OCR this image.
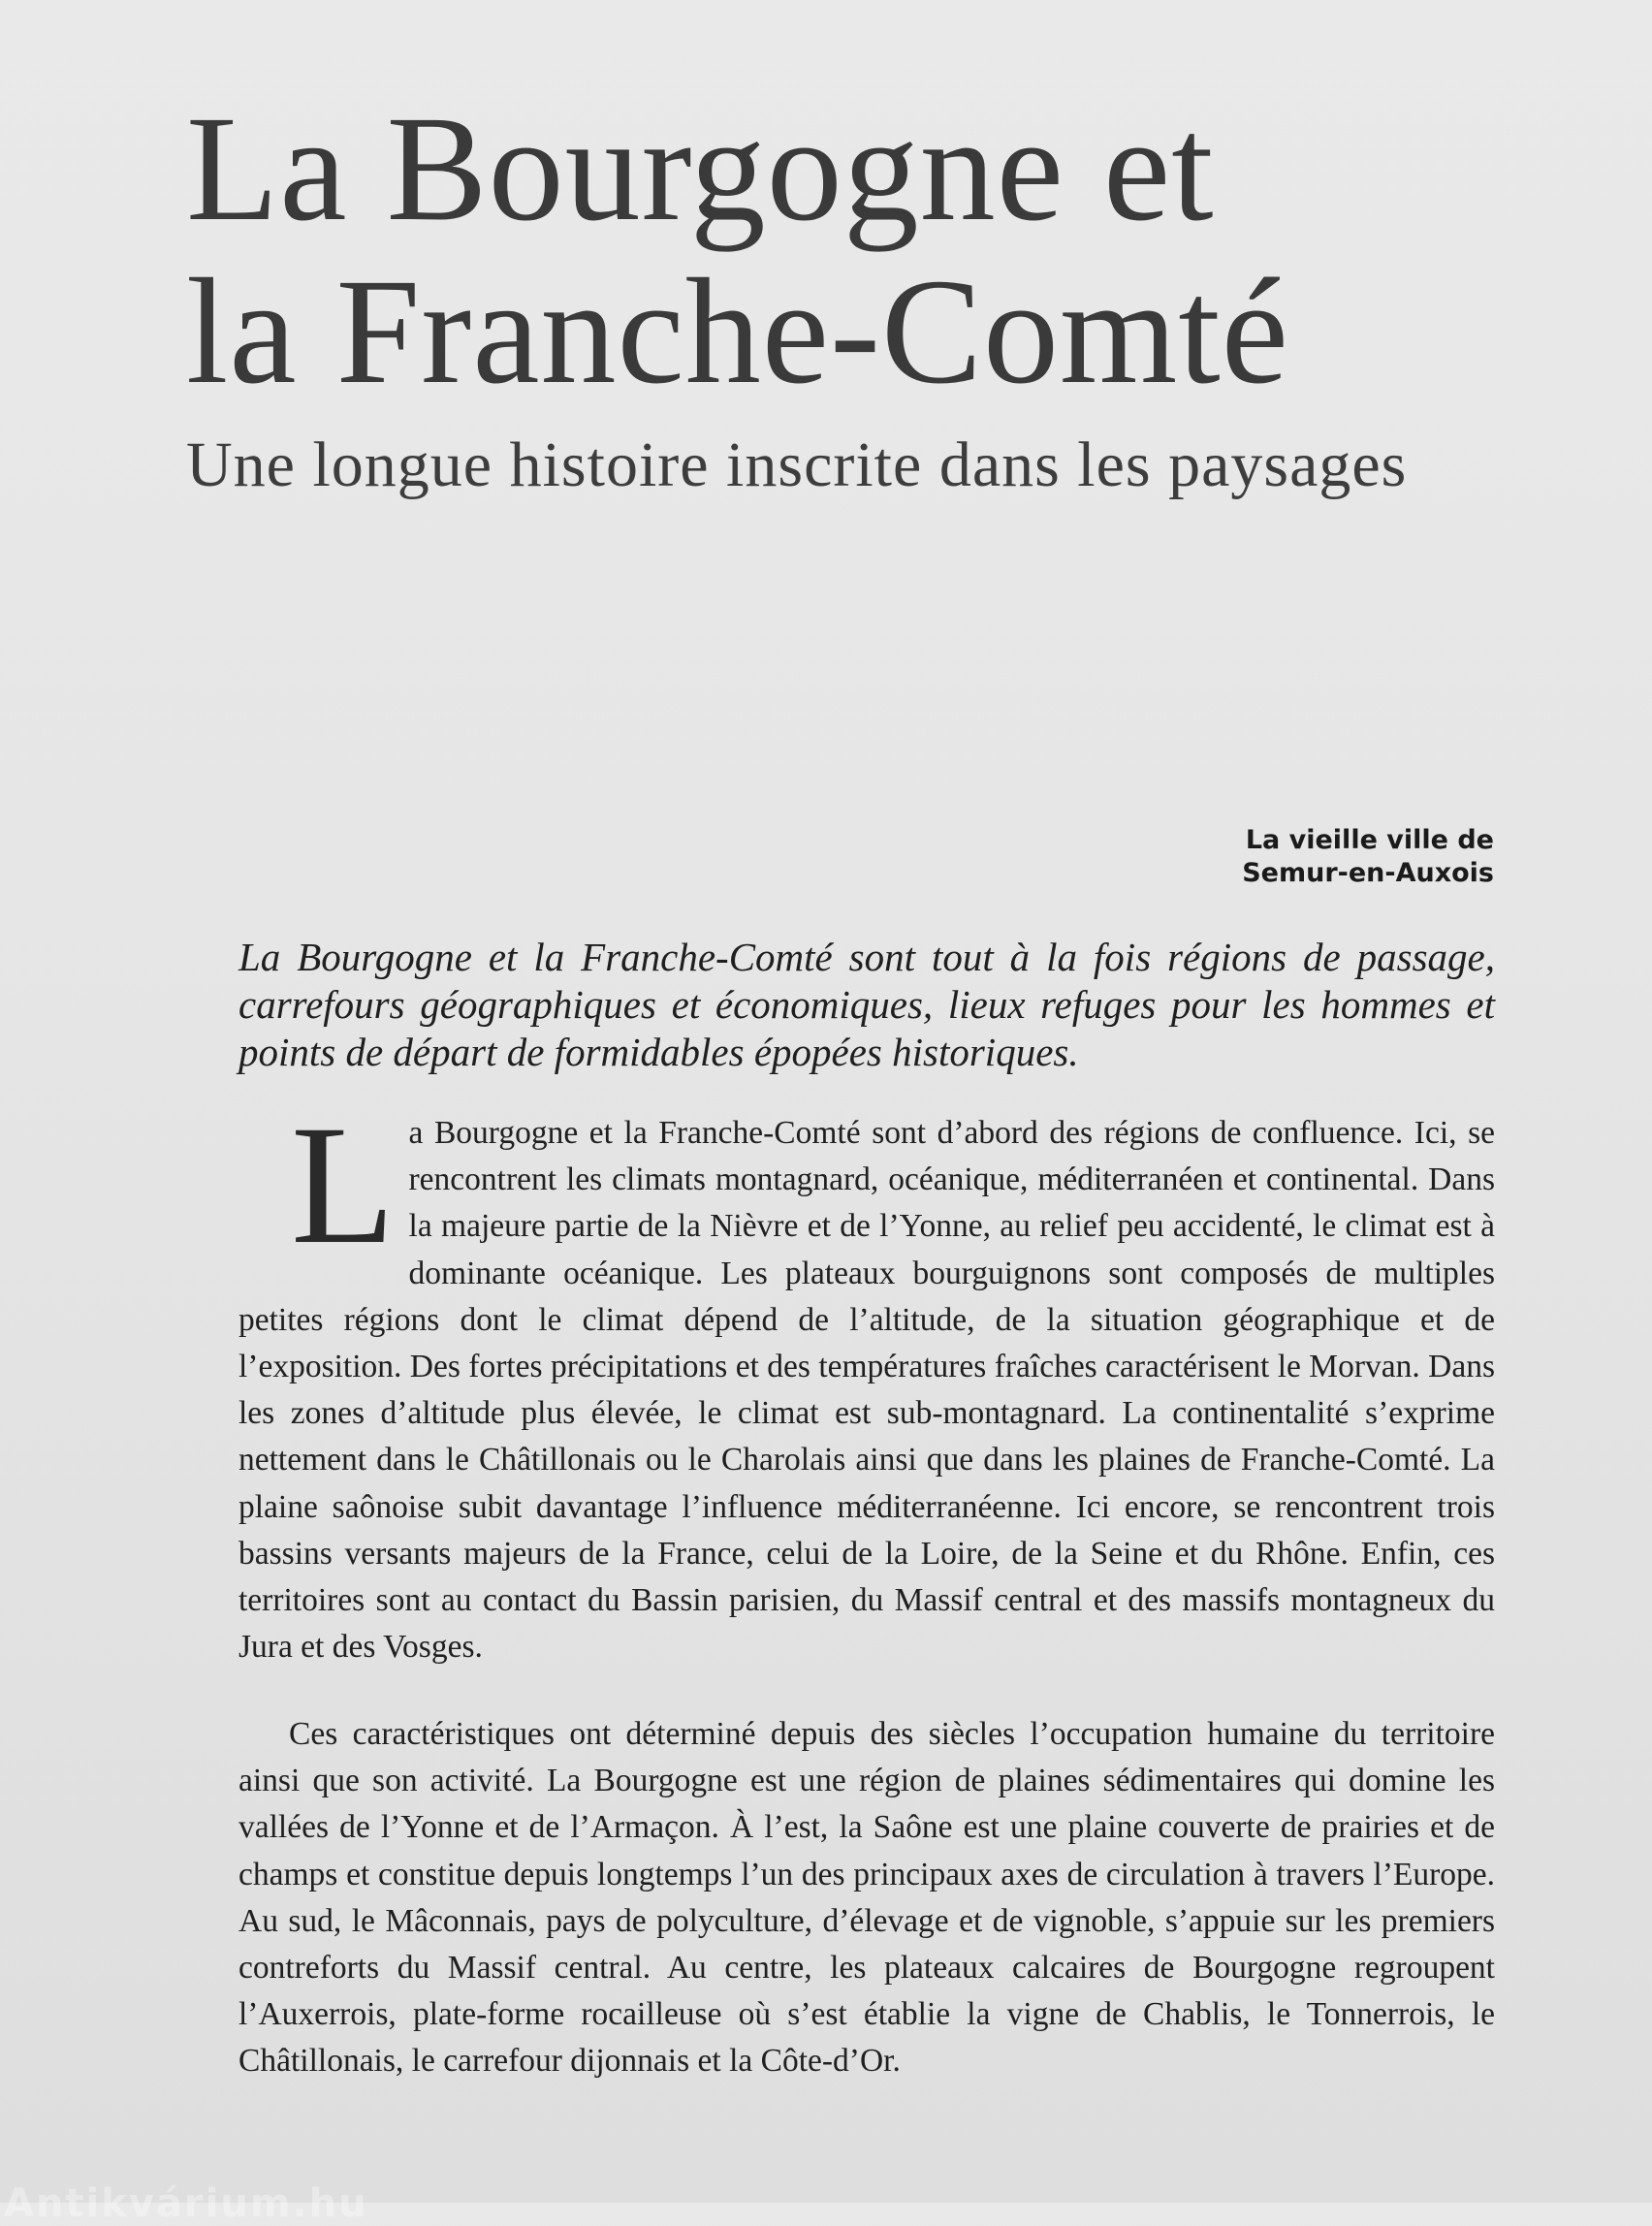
La Bourgogne et
la Franche-Comté
Une longue histoire inscrite dans les paysages
La vieille ville de
Semur-en-Auxois

La Bourgogne et la Franche-Comté sont tout à la fois régions de passage, carrefours géographiques et économiques, lieux refuges pour les hommes et points de départ de formidables épopées historiques.

La Bourgogne et la Franche-Comté sont d’abord des régions de confluence. Ici, se rencontrent les climats montagnard, océanique, méditerranéen et continental. Dans la majeure partie de la Nièvre et de l’Yonne, au relief peu accidenté, le climat est à dominante océanique. Les plateaux bourguignons sont composés de multiples petites régions dont le climat dépend de l’altitude, de la situation géographique et de l’exposition. Des fortes précipitations et des températures fraîches caractérisent le Morvan. Dans les zones d’altitude plus élevée, le climat est sub-montagnard. La continentalité s’exprime nettement dans le Châtillonais ou le Charolais ainsi que dans les plaines de Franche-Comté. La plaine saônoise subit davantage l’influence méditerranéenne. Ici encore, se rencontrent trois bassins versants majeurs de la France, celui de la Loire, de la Seine et du Rhône. Enfin, ces territoires sont au contact du Bassin parisien, du Massif central et des massifs montagneux du Jura et des Vosges.

Ces caractéristiques ont déterminé depuis des siècles l’occupation humaine du territoire ainsi que son activité. La Bourgogne est une région de plaines sédimentaires qui domine les vallées de l’Yonne et de l’Armaçon. À l’est, la Saône est une plaine couverte de prairies et de champs et constitue depuis longtemps l’un des principaux axes de circulation à travers l’Europe. Au sud, le Mâconnais, pays de polyculture, d’élevage et de vignoble, s’appuie sur les premiers contreforts du Massif central. Au centre, les plateaux calcaires de Bourgogne regroupent l’Auxerrois, plate-forme rocailleuse où s’est établie la vigne de Chablis, le Tonnerrois, le Châtillonais, le carrefour dijonnais et la Côte-d’Or.

Antikvárium.hu
